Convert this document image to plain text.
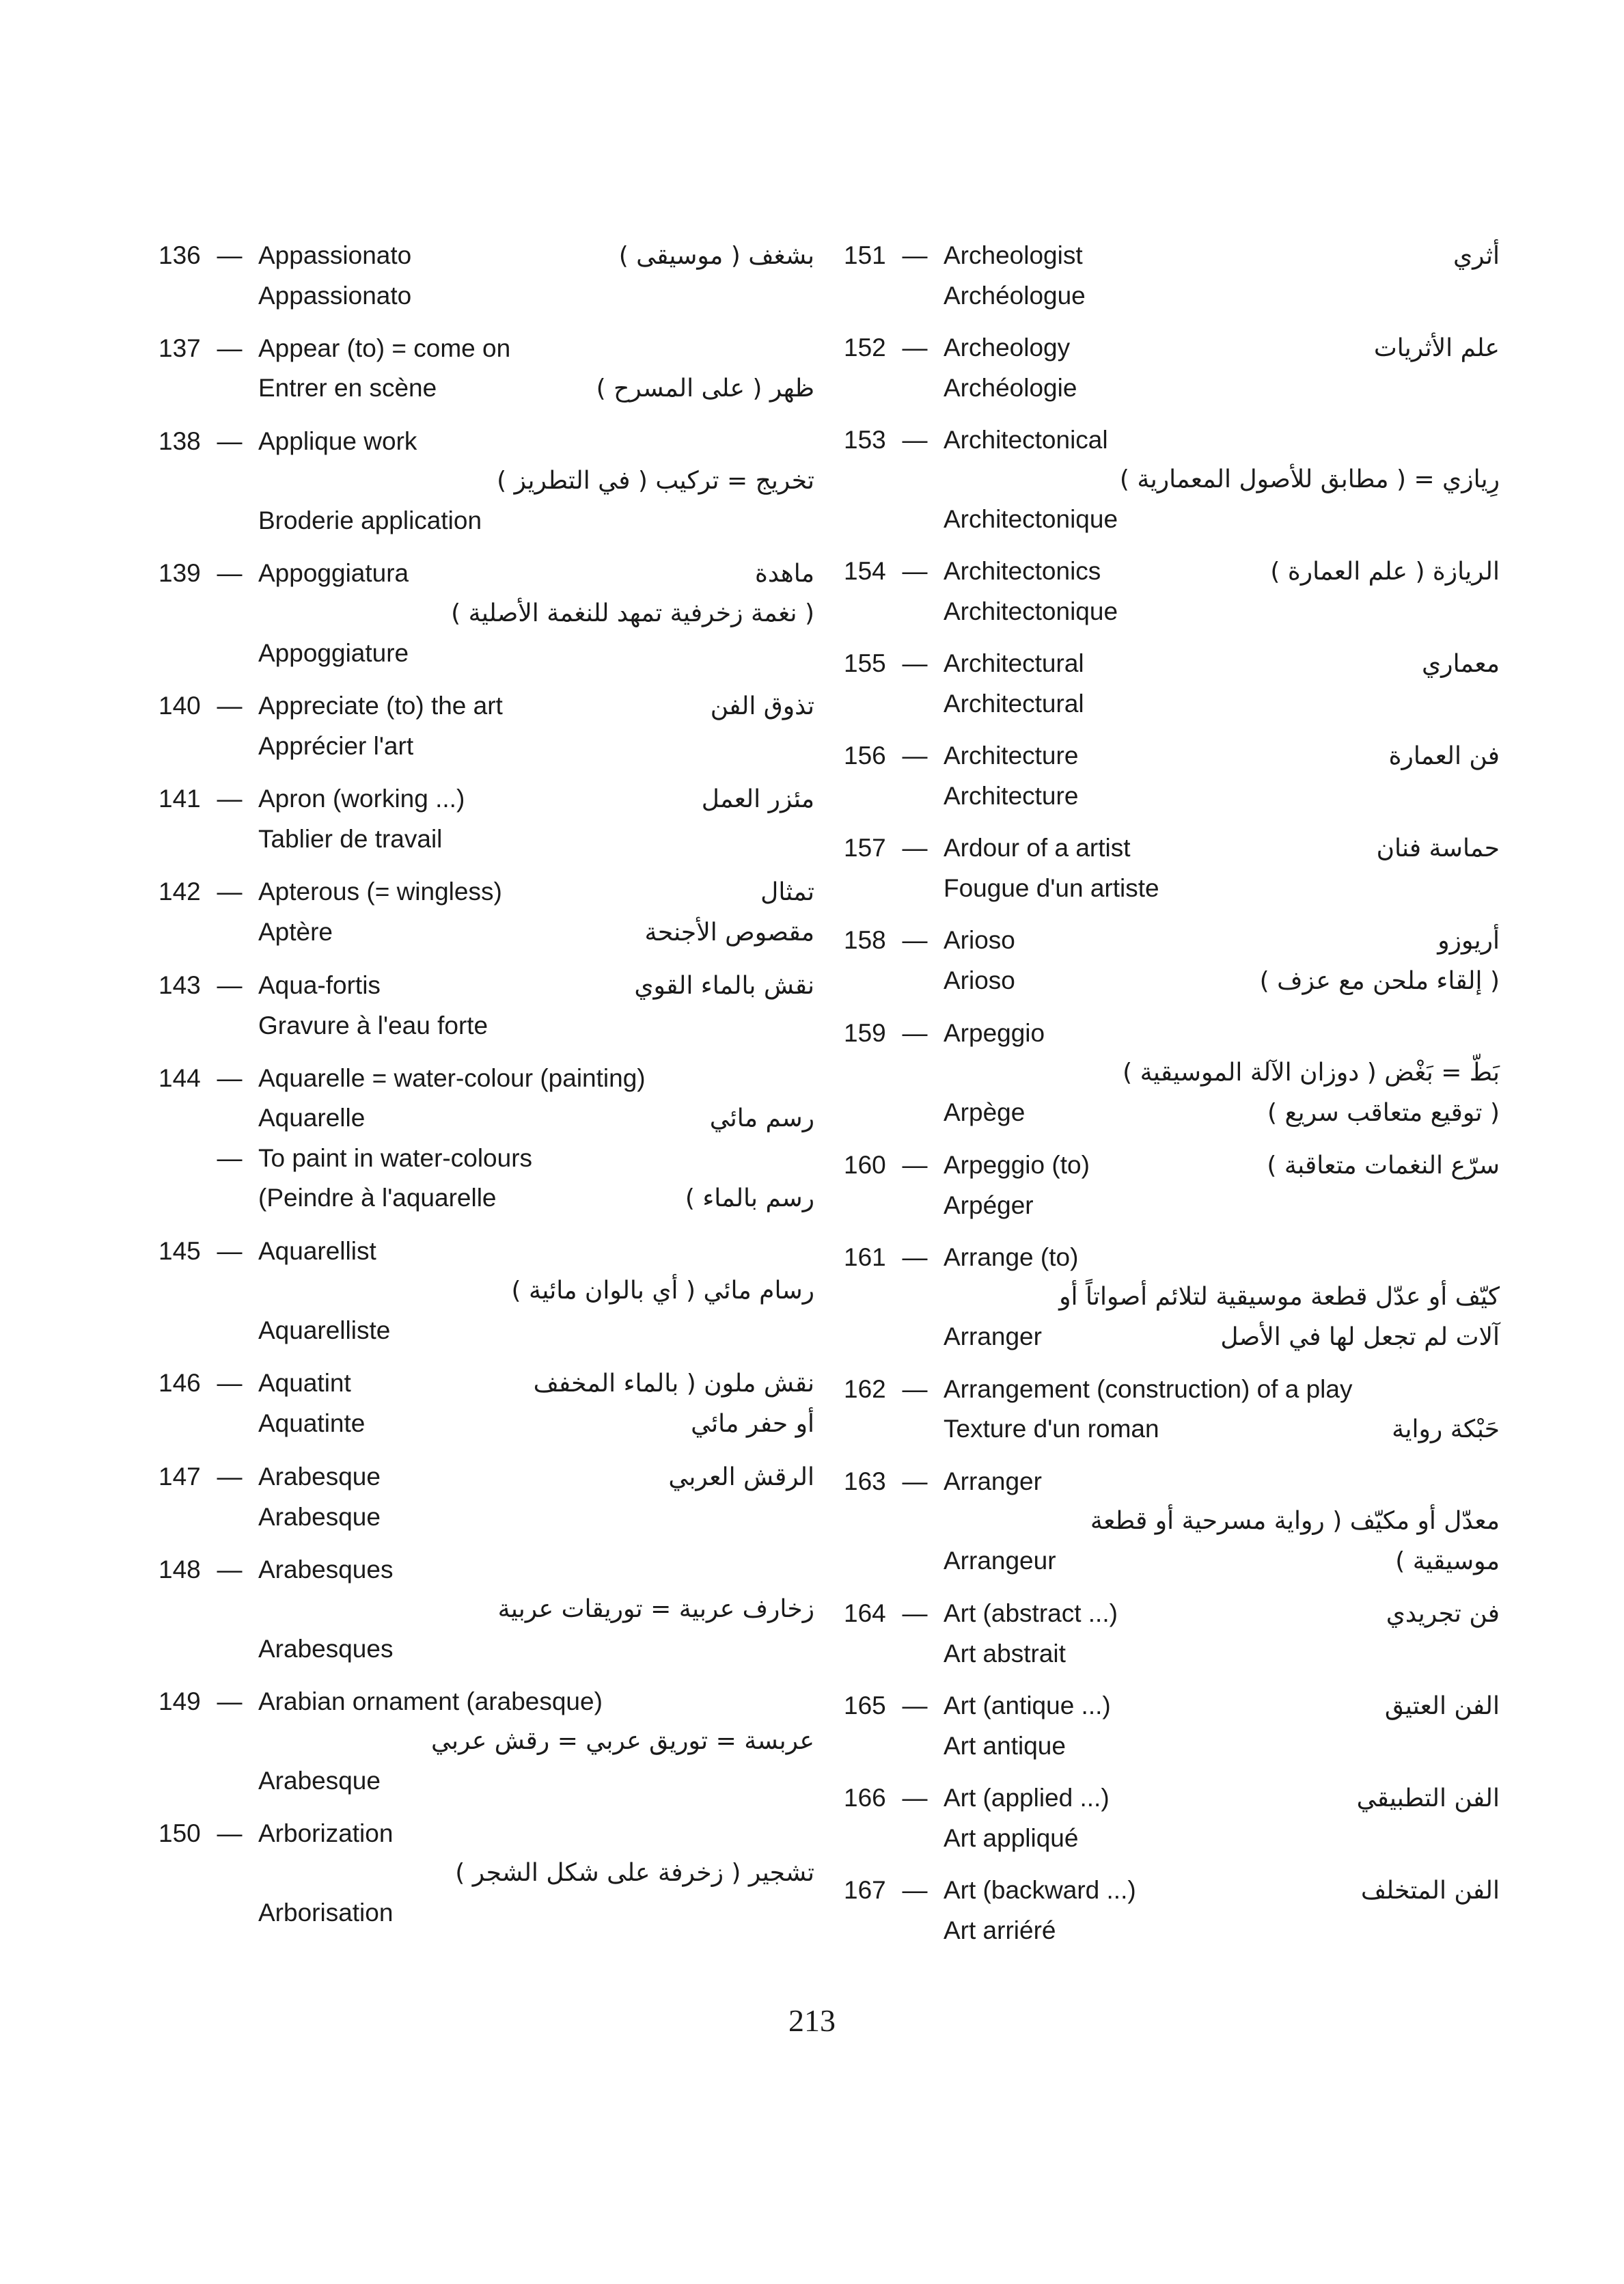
136 — Appassionato	بشغف ( موسيقى )
Appassionato
137 — Appear (to) = come on
Entrer en scène	ظهر ( على المسرح )
138 — Applique work
تخريج = تركيب ( في التطريز )
Broderie application
139 — Appoggiatura	ماهدة
( نغمة زخرفية تمهد للنغمة الأصلية )
Appoggiature
140 — Appreciate (to) the art	تذوق الفن
Apprécier l'art
141 — Apron (working ...)	مئزر العمل
Tablier de travail
142 — Apterous (= wingless)	تمثال
Aptère	مقصوص الأجنحة
143 — Aqua-fortis	نقش بالماء القوي
Gravure à l'eau forte
144 — Aquarelle = water-colour (painting)
Aquarelle	رسم مائي
— To paint in water-colours
(Peindre à l'aquarelle	رسم بالماء )
145 — Aquarellist
رسام مائي ( أي بالوان مائية )
Aquarelliste
146 — Aquatint	نقش ملون ( بالماء المخفف
Aquatinte	أو حفر مائي
147 — Arabesque	الرقش العربي
Arabesque
148 — Arabesques
زخارف عربية = توريقات عربية
Arabesques
149 — Arabian ornament (arabesque)
عربسة = توريق عربي = رقش عربي
Arabesque
150 — Arborization
تشجير ( زخرفة على شكل الشجر )
Arborisation
151 — Archeologist	أثري
Archéologue
152 — Archeology	علم الأثريات
Archéologie
153 — Architectonical
رِيازي = ( مطابق للأصول المعمارية )
Architectonique
154 — Architectonics	الريازة ( علم العمارة )
Architectonique
155 — Architectural	معماري
Architectural
156 — Architecture	فن العمارة
Architecture
157 — Ardour of a artist	حماسة فنان
Fougue d'un artiste
158 — Arioso	أريوزو
Arioso	( إلقاء ملحن مع عزف )
159 — Arpeggio
بَطّ = بَغْض ( دوزان الآلة الموسيقية )
Arpège	( توقيع متعاقب سريع )
160 — Arpeggio (to)	سرّع النغمات متعاقبة )
Arpéger
161 — Arrange (to)
كيّف أو عدّل قطعة موسيقية لتلائم أصواتاً أو
Arranger	آلات لم تجعل لها في الأصل
162 — Arrangement (construction) of a play
Texture d'un roman	حَبْكة رواية
163 — Arranger
معدّل أو مكيّف ( رواية مسرحية أو قطعة
Arrangeur	موسيقية )
164 — Art (abstract ...)	فن تجريدي
Art abstrait
165 — Art (antique ...)	الفن العتيق
Art antique
166 — Art (applied ...)	الفن التطبيقي
Art appliqué
167 — Art (backward ...)	الفن المتخلف
Art arriéré
213
